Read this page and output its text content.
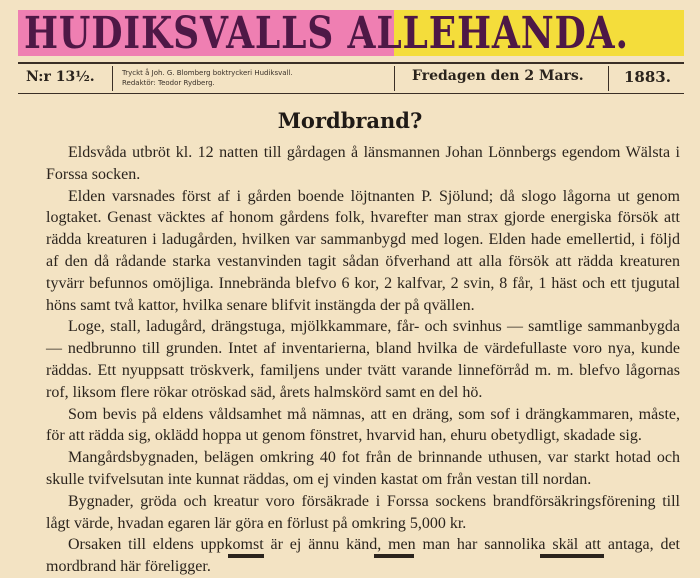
HUDIKSVALLS ALLEHANDA.
N:r 13½.	Tryckt å Joh. G. Blomberg boktryckeri Hudiksvall.
Redaktör: Teodor Rydberg.	Fredagen den 2 Mars.	1883.
Mordbrand?

Eldsvåda utbröt kl. 12 natten till gårdagen å länsmannen Johan Lönnbergs egendom Wälsta i Forssa socken.

Elden varsnades först af i gården boende löjtnanten P. Sjölund; då slogo lågorna ut genom logtaket. Genast väcktes af honom gårdens folk, hvarefter man strax gjorde energiska försök att rädda kreaturen i ladugården, hvilken var sammanbygd med logen. Elden hade emellertid, i följd af den då rådande starka vestanvinden tagit sådan öfverhand att alla försök att rädda kreaturen tyvärr befunnos omöjliga. Innebrända blefvo 6 kor, 2 kalfvar, 2 svin, 8 får, 1 häst och ett tjugutal höns samt två kattor, hvilka senare blifvit instängda der på qvällen.

Loge, stall, ladugård, drängstuga, mjölkkammare, får- och svinhus — samtlige sammanbygda — nedbrunno till grunden. Intet af inventarierna, bland hvilka de värdefullaste voro nya, kunde räddas. Ett nyuppsatt tröskverk, familjens under tvätt varande linneförråd m. m. blefvo lågornas rof, liksom flere rökar otröskad säd, årets halmskörd samt en del hö.

Som bevis på eldens våldsamhet må nämnas, att en dräng, som sof i drängkammaren, måste, för att rädda sig, oklädd hoppa ut genom fönstret, hvarvid han, ehuru obetydligt, skadade sig.

Mangårdsbygnaden, belägen omkring 40 fot från de brinnande uthusen, var starkt hotad och skulle tvifvelsutan inte kunnat räddas, om ej vinden kastat om från vestan till nordan.

Bygnader, gröda och kreatur voro försäkrade i Forssa sockens brandförsäkringsförening till lågt värde, hvadan egaren lär göra en förlust på omkring 5,000 kr.

Orsaken till eldens uppkomst är ej ännu känd, men man har sannolika skäl att antaga, det mordbrand här föreligger.
